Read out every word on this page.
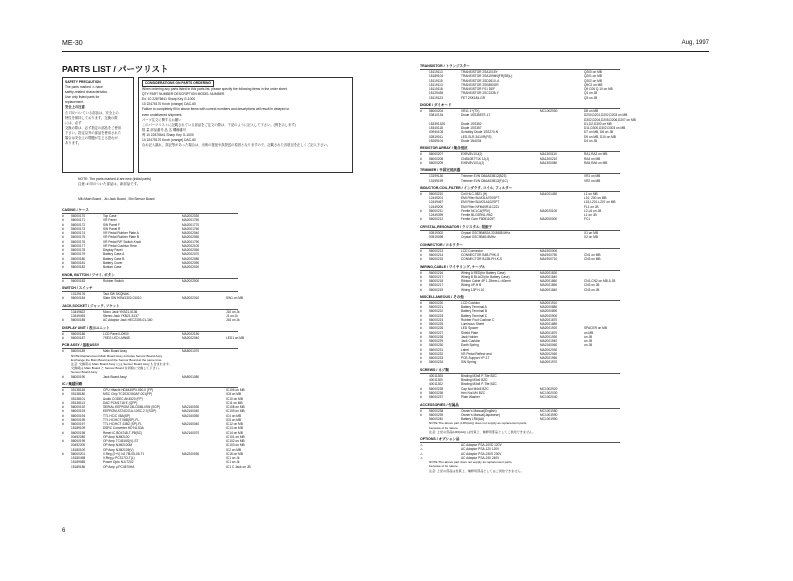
ME-30	Aug, 1997
PARTS LIST / パーツリスト
SAFETY PRECAUTION
The parts marked ⚠ have
safety-related characteristics.
Use only listed parts for
replacement.
安全上の注意
⚠ 印のついている部品は、安全上の
特性を保持しております。交換の際
には、必ず
交換の際は、必ず指定の部品をご使用
下さい。指定以外の部品を使用された
場合は安全上の問題が生じる恐れが
あります。
CONSIDERATIONS ON PARTS ORDERING
When ordering any parts listed in this parts list, please specify the following items in the order sheet.
QTY PART NUMBER DESCRIPTION MODEL NUMBER
Ex. 10 22875641 Sharp Key G-1000
10 22475170 Knob (orange) DAC-60
Failure to completely fill in above items with correct numbers and descriptions will result in delayed or
even undelivered shipment.
パーツ注文に関するお願い
このパーツリストに記載されている部品をご注文の際は、下記のように記入して下さい。(例を示します)
数 量 部品番号 品 名 機種番号
例 10 22875641 Sharp Key G-1000
10 22475170 Knob (orange) DAC-60
なお記入漏れ、誤記等があった場合は、出荷の遅延や誤発送の原因となりますので、記載された各項目を正しくご記入下さい。
NOTE: The parts marked # are new (initial parts)
注意: # 印のついた部品は、新部品です。
Mit=Main Board , Jk=Jack Board , Sb=Sensor Board
CASING / ケース
#	56000170	Top Case	MA2002030
#	56000171	VR Panel	MA2001750
#	56000172	SW Panel F	MA2001770
#	56000173	SW Panel R	MA2001760
#	56000174	VR Pedal Rubber Plate A	MA2002040
#	56000175	VR Pedal Rubber Plate B	MA2002050
#	56000176	VR Pedal R/F Switch Knob	MA2001790
#	56000177	VR Pedal Cushion Rear	MA2002100
#	56000178	Display Panel	MA2002060
#	56000179	Battery Case A	MA2002070
#	56000180	Battery Case B	MA2002080
#	56000181	Battery Cover	MA2002090
#	56000182	Bottom Case	MA2002020
KNOB, BUTTON / ツマミ, ボタン
#	56000183	Rubber Switch	MA2002000
SWITCH / スイッチ
13129176	Tact SW SKQNAK
#	56000184	Slide SW HSW1302-01010	MA2002010	SW1 on MB
JACK,SOCKET / ジャック, ソケット
13449622	Mono Jack YKB21-5136	J10 on Jk
13449493	Stereo Jack YKB21-5137	J1 on Jk
#	56000185	AC Adaptor Jack HEC2305-01-160	J16 on Jk
DISPLAY UNIT / 表示ユニット
#	56000186	LCD Panel LD900	MA2002150
#	56000187	7SEG LED LMN6E	MA2002040	LED1 on MB
PCB ASSY / 基板ASSY
#	56000189	Main Board Assy	MA5001070
NOTE:Replacement Main Board Assy includes Sensor Board Assy.
Exchange the Main Board and the Sensor Board at the same time.
注意: 交換用の Main Board Assy には Sensor Board Assy も含まれます。
交換時は Main Board と Sensor Board を同時に交換して下さい。
Sensor Board Assy
#	56000190	Jack Board Assy	MA5001080
IC / 集積回路
#	05138146	CPU Hitachi HD6445P0-050-0 (FP)	IC105 on MB
#	05138180	MSC Chip TC203C060AF-001(FP)	IC8 on MB
05138101	Audio CODEC AK4520 (FP)	IC10 on MB
#	05138113	DAC PCM1718 E (QFP)	IC11 on MB
#	56000192	SERIAL EEPROM 24LC08B-I/SN (SOP)	MA2160030	IC108 on MB
#	56000193	EEPROM AT24C01A-10SC-2.7(SOP)	MA2160040	IC109 on MB
#	56000194	TTL HC/C 08A(SP)	MA2160050	IC4 on MB
#	56000195	TTL HC/HCT 08B(SP)-FL	IC5 on MB
#	56000197	TTL HC/HCT 43B2 (SP)-FL	MA2160040	IC12 on MB
15189109	DSRC Converter HD74LS3A	IC13 on MB
#	56000198	Reset IC BD4748-T-P8(SC)	MA2160070	IC14 on MB
00452280	OP Amp NJM2100	IC101 on MB
#	56000199	OP Amp TC4516S(V)-ST	IC102 on MB
00452200	OP Amp NJM2100M	IC103 on MB
15180100	OP Amp NJM2105(V)	IC2 on MB
#	56000201	V.Reg (2+V) NJ 78L05-05-T1	MA2200030	IC16 on MB
15180498	V.Reg μ PC317CLT(L)	IC1 on Jk
15189085	Power Opto NJL7202	IC1 on Jk
15189186	OP Amp μ PC4570HA	IC1 C Jack on JB
TRANSISTOR / トランジスター
15119113	TRANSISTOR 2SA1015Y	Q200 on MB
15189104	TRANSISTOR 2SA1596N(FR(SB)L)	Q201 on MB
15119115	TRANSISTOR 2SD261X-A	Q202 on MB
15119113	TRANSISTOR 2SK880GR	Q9C2 on MB
15119118	TRANSISTOR F01 DEF	Q9 C06 Q 10 on M8
15129435	TRANSISTOR 2SC2235-Y	Q1 on JB
15119123	FET 2SK184-GR	Q3 on JB
DIODE / ダイオード
#	56000204	VR11 1+(TX)	MC1002050	D8 on MB
00810134	Diode 1SS355TE-17	D200,D201,D202,D203 on MB
D302,D204,D205,D206,D207 on MB
15339132S	Diode 1SS352	D1,D2,D300 on MB
15340118	Diode 1SS357	D11,D300,D302,D303 on MB
00940105	Schottky Diode 1SS270-N	D7 on MB, D8 on JB
02819011	LED-SLR-341VR(FS)	D9 on MB, D10 on MB
15269104	Diode 1N4004	D4 on JB
RESISTOR ARRAY / 集合抵抗
#	56000207	EXBV8V10J(J)	MA1300110	RA1,RA3 on MB
#	56000208	CNB10B7T1K 1J(J)	MA1300210	RA4 on MB
#	56000209	EXBV8V101J(J)	MA1300080	RA5,RA6 on MB
TRIMMER / 半固定抵抗器
13199130	Trimmer EVN D8AA03B12(B23)	VR1 on MB
13199199	Trimmer EVN D8AA03B13(F)1C)	VR2 on MB
INDUCTOR,COIL,FILTER / インダクタ, コイル, フィルター
#	56000210	Coil HLC-0821 (H)	MA1001450	L1 on MB
12449201	EMI Filter BLM31A700SPT	L10, 200 on MB
12449467	EMI Filter BLM21A102SPT	L15,L201-L207 on MB
12449200	EMI Filter NFM40R11C221	FL1 on JB
#	56000211	Ferrite NCLC4(FRV)	MA2020100	L2-L6 on JB
12449399	Ferrite BLO2RN1-R62	L1 on JB
#	56000212	Ferrite Core F8051105T	MA2000000	FC1
CRYSTAL,RESONATOR / クリスタル, 発振子
00519302	Crystal OSC9B4B2A 33.8688 MHz	X1 on MB
00519098	Crystal OSC9B4B 8MHz	X2 on MB
CONNECTOR / コネクター
#	56000213	LCD Connector	MA1900000
#	56000214	CONNECTOR B4B-PHK-S	MA1900750	CN1 on MB
#	56000215	CONNECTOR B13B-PH-K-S	MA1900710	CN3 on MB
WIRING,CABLE / ワイヤリング, ケーブル
#	56000216	Wiring A RED(for Battery Case)	MA2001830
#	56000217	Wiring B BLACK(for Battery Case)	MA2001840
#	56000218	Ribbon Cable 4P 1.25mm L=60mm	MA2001860	CN1,CN2 on MB & JB
#	56000217	Wiring 4P-H B	MA2001850	CN3 on JB
#	56000219	Wiring 13P H 10	MA2001840	CN3 on JB
MISCELLANEOUS / その他
#	56000220	LCD Cushion	MA2001910
#	56000221	Battery Terminal A	MA2000880
#	56000222	Battery Terminal B	MA2000890
#	56000223	Battery Terminal C	MA2000900
#	56000224	Rubber Foot Cushion C	MA2001870
#	56000225	Luminous Sheet	MA2001880
#	56000226	LED Spacer	MA2001920	SPACER on MB
#	56000227	Shield Plate	MA2001870	on MB
#	56000228	Jack Holder	MA2001930	on JB
#	56000229	Jack Cushion	MA2001940	on JB
#	56000230	Earth Spring	MA2160060	on JB
#	56000231	Label	MA2002030
#	56000232	VR Pedal Reflect and	MA2002060
#	56000233	PCB Support YP-1T	MA2001960
#	56000234	SW Spring	MA2001970
SCREWS / ネジ類
40011305	Binding M3x8 P-Tite BZC
40011300	Binding M3x6 BZC
40011302	Binding M3x8 P-Tite BZC
#	56000235	Cap Nut M4x5 BZC	MC1002920
#	56000236	Hex Nut M4 BZC	MC1002030
#	56000237	Plain Washer	MC1002040
ACCESSORIES / 付属品
#	56000238	Owner's Manual(English)	MC1001980
#	56000239	Owner's Manual(Japanese)	MC1001990
56000240	Battery LR6(AA)	MC1001950
NOTE:The above part (LR6(AA)) does not supply as replacement parts,
because of its nature.
注意: 上記の部品(LR6(AA)) は性質上、補修用部品としてご供給できません。
OPTIONS / オプション品
⚠	AC Adaptor PSA-100D 120V
⚠	AC Adaptor PSA-120 120V
⚠	AC Adaptor PSA-230S 230V
⚠	AC Adaptor PSA-240 240V
NOTE:The above part does not supply as replacement parts,
because of its nature.
注意: 上記の部品は性質上、補修用部品としてはご供給できません。
6
